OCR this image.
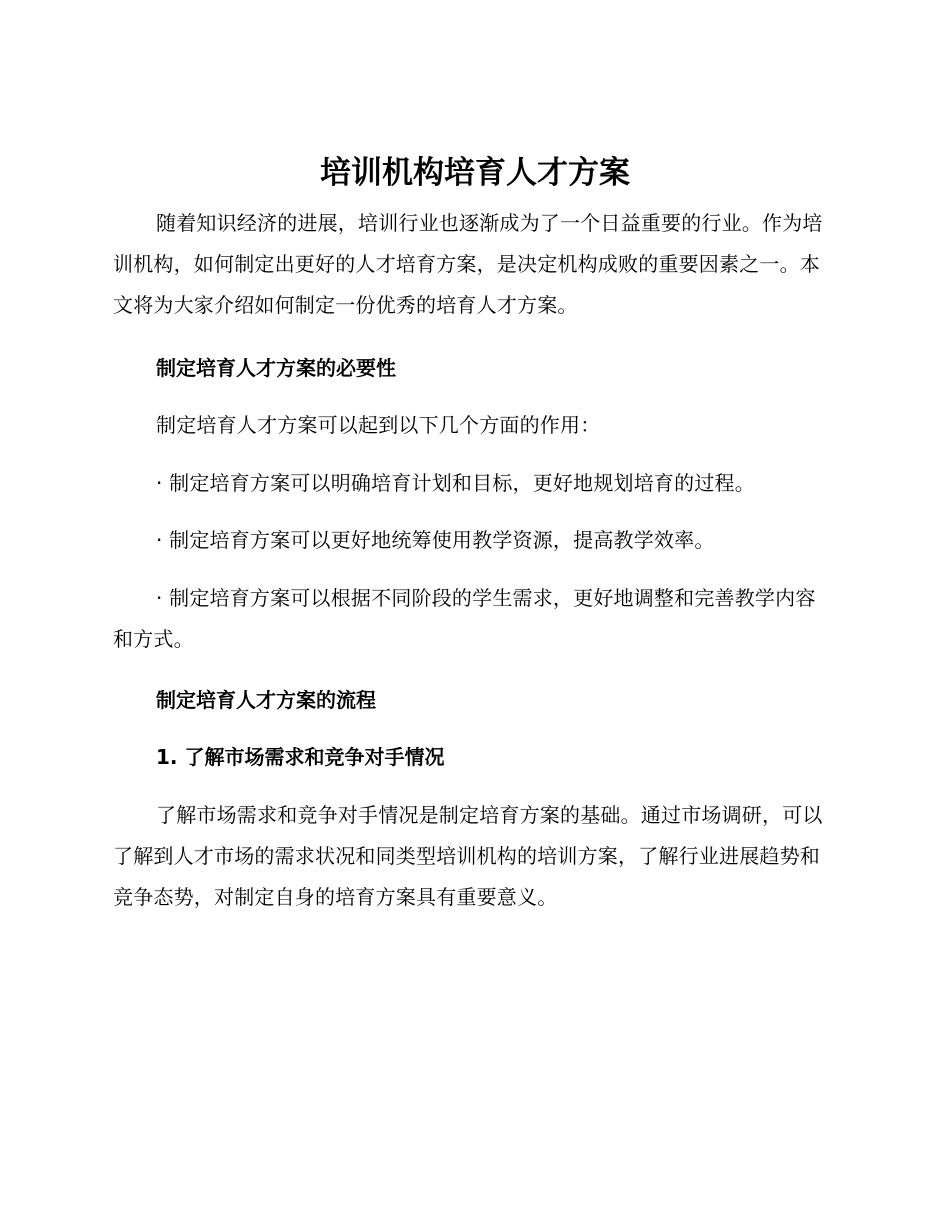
培训机构培育人才方案

随着知识经济的进展，培训行业也逐渐成为了一个日益重要的行业。作为培训机构，如何制定出更好的人才培育方案，是决定机构成败的重要因素之一。本文将为大家介绍如何制定一份优秀的培育人才方案。

制定培育人才方案的必要性

制定培育人才方案可以起到以下几个方面的作用：

· 制定培育方案可以明确培育计划和目标，更好地规划培育的过程。

· 制定培育方案可以更好地统筹使用教学资源，提高教学效率。

· 制定培育方案可以根据不同阶段的学生需求，更好地调整和完善教学内容和方式。

制定培育人才方案的流程
1. 了解市场需求和竞争对手情况

了解市场需求和竞争对手情况是制定培育方案的基础。通过市场调研，可以了解到人才市场的需求状况和同类型培训机构的培训方案，了解行业进展趋势和竞争态势，对制定自身的培育方案具有重要意义。
